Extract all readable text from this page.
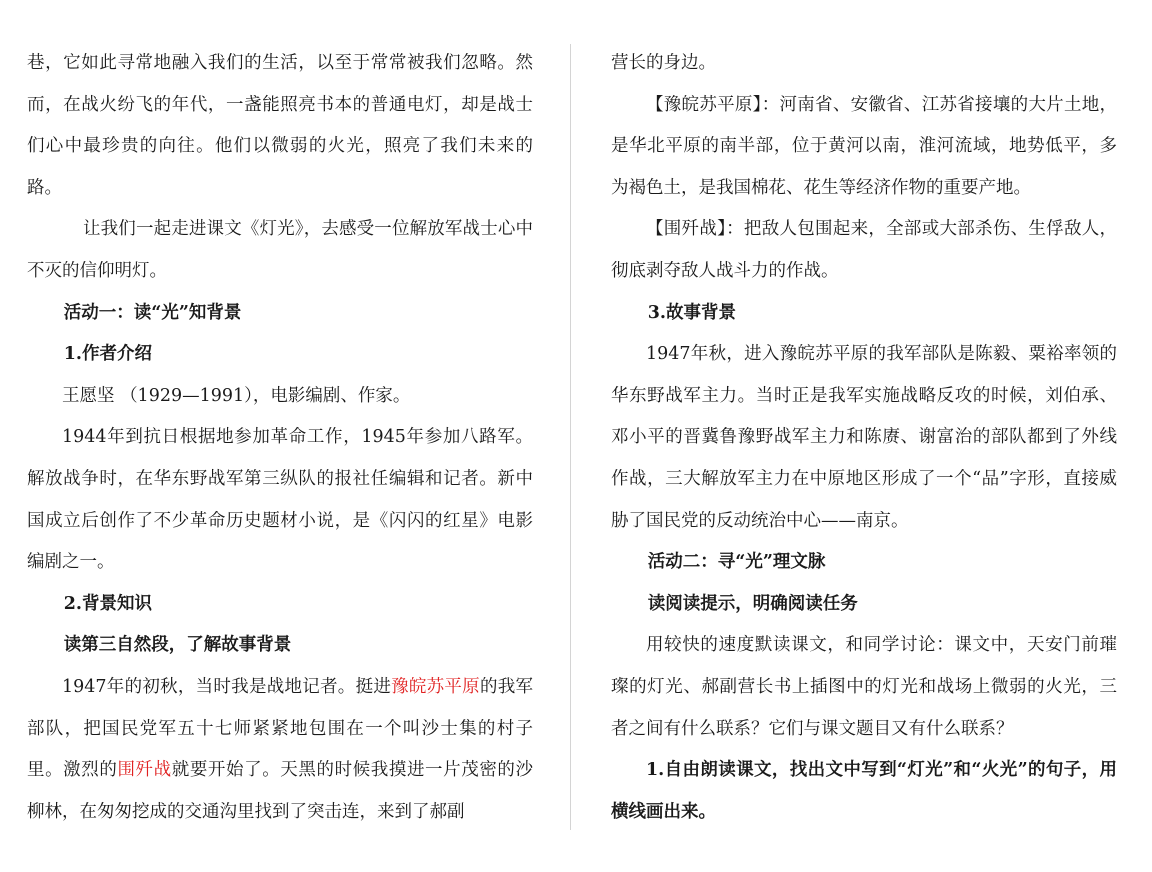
巷，它如此寻常地融入我们的生活，以至于常常被我们忽略。然而，在战火纷飞的年代，一盏能照亮书本的普通电灯，却是战士们心中最珍贵的向往。他们以微弱的火光，照亮了我们未来的路。

让我们一起走进课文《灯光》，去感受一位解放军战士心中不灭的信仰明灯。

活动一：读“光”知背景

1.作者介绍

王愿坚 （1929—1991），电影编剧、作家。

1944年到抗日根据地参加革命工作，1945年参加八路军。解放战争时，在华东野战军第三纵队的报社任编辑和记者。新中国成立后创作了不少革命历史题材小说，是《闪闪的红星》电影编剧之一。

2.背景知识

读第三自然段，了解故事背景

1947年的初秋，当时我是战地记者。挺进豫皖苏平原的我军部队，把国民党军五十七师紧紧地包围在一个叫沙士集的村子里。激烈的围歼战就要开始了。天黑的时候我摸进一片茂密的沙柳林，在匆匆挖成的交通沟里找到了突击连，来到了郝副

营长的身边。

【豫皖苏平原】：河南省、安徽省、江苏省接壤的大片土地，是华北平原的南半部，位于黄河以南，淮河流域，地势低平，多为褐色土，是我国棉花、花生等经济作物的重要产地。

【围歼战】：把敌人包围起来，全部或大部杀伤、生俘敌人，彻底剥夺敌人战斗力的作战。

3.故事背景

1947年秋，进入豫皖苏平原的我军部队是陈毅、粟裕率领的华东野战军主力。当时正是我军实施战略反攻的时候，刘伯承、邓小平的晋冀鲁豫野战军主力和陈赓、谢富治的部队都到了外线作战，三大解放军主力在中原地区形成了一个“品”字形，直接威胁了国民党的反动统治中心——南京。

活动二：寻“光”理文脉

读阅读提示，明确阅读任务

用较快的速度默读课文，和同学讨论：课文中，天安门前璀璨的灯光、郝副营长书上插图中的灯光和战场上微弱的火光，三者之间有什么联系？它们与课文题目又有什么联系？

1.自由朗读课文，找出文中写到“灯光”和“火光”的句子，用横线画出来。
